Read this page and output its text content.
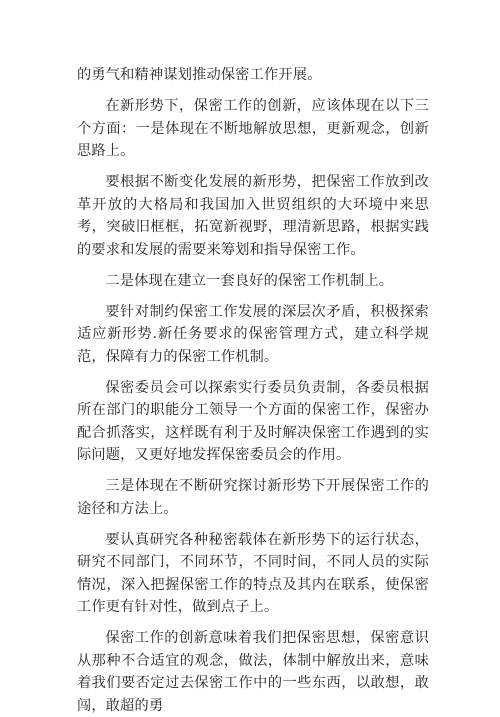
的勇气和精神谋划推动保密工作开展。

在新形势下，保密工作的创新，应该体现在以下三个方面：一是体现在不断地解放思想，更新观念，创新思路上。

要根据不断变化发展的新形势，把保密工作放到改革开放的大格局和我国加入世贸组织的大环境中来思考，突破旧框框，拓宽新视野，理清新思路，根据实践的要求和发展的需要来筹划和指导保密工作。

二是体现在建立一套良好的保密工作机制上。

要针对制约保密工作发展的深层次矛盾，积极探索适应新形势.新任务要求的保密管理方式，建立科学规范，保障有力的保密工作机制。

保密委员会可以探索实行委员负责制，各委员根据所在部门的职能分工领导一个方面的保密工作，保密办配合抓落实，这样既有利于及时解决保密工作遇到的实际问题，又更好地发挥保密委员会的作用。

三是体现在不断研究探讨新形势下开展保密工作的途径和方法上。

要认真研究各种秘密载体在新形势下的运行状态，研究不同部门，不同环节，不同时间，不同人员的实际情况，深入把握保密工作的特点及其内在联系，使保密工作更有针对性，做到点子上。

保密工作的创新意味着我们把保密思想，保密意识从那种不合适宜的观念，做法，体制中解放出来，意味着我们要否定过去保密工作中的一些东西，以敢想，敢闯，敢超的勇
